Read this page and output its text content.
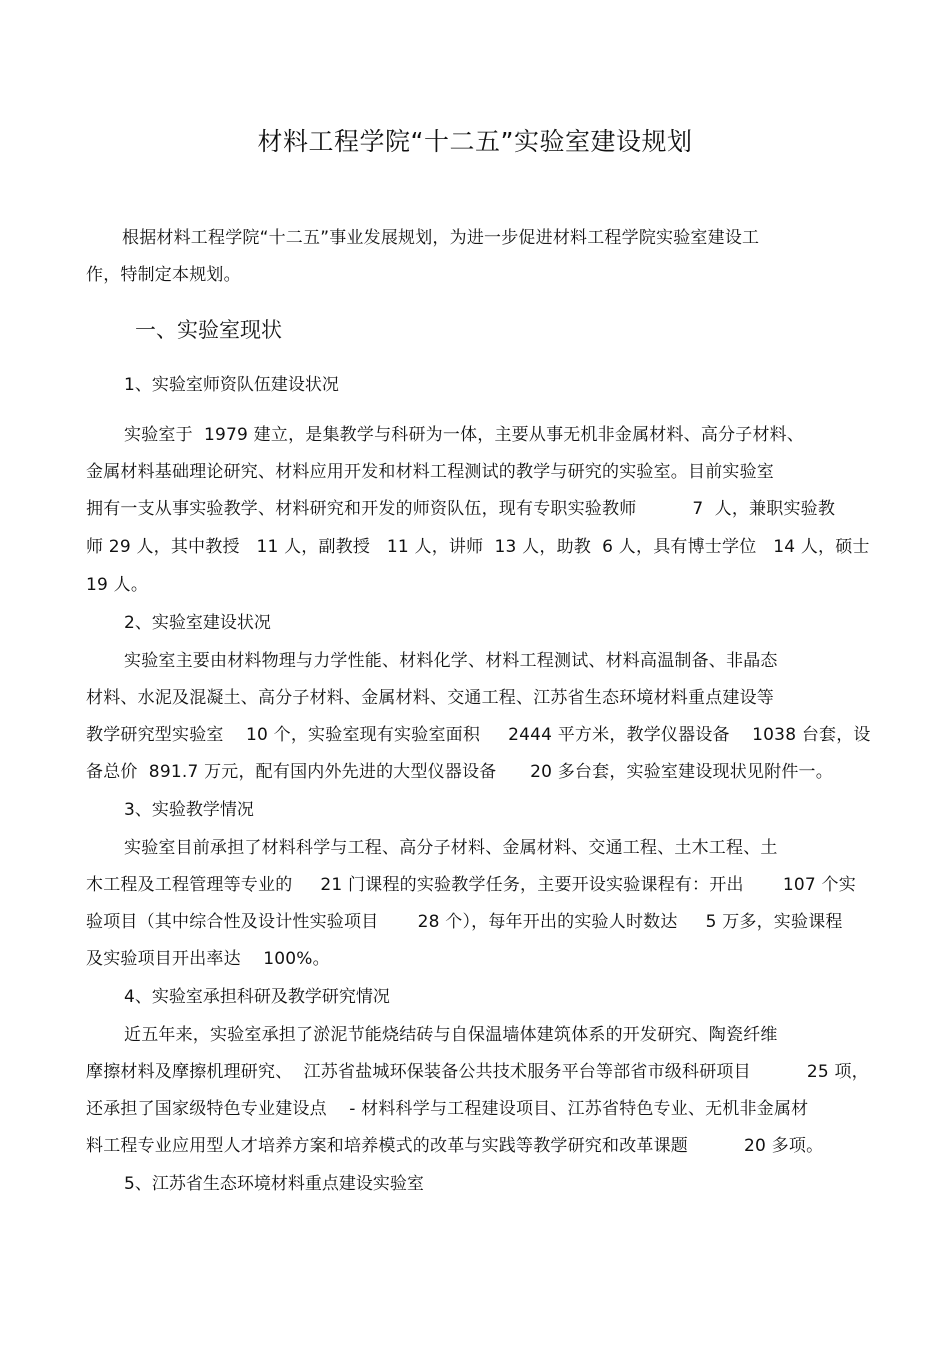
材料工程学院“十二五”实验室建设规划
根据材料工程学院“十二五”事业发展规划，为进一步促进材料工程学院实验室建设工
作，特制定本规划。
一、实验室现状
1、实验室师资队伍建设状况
实验室于  1979 建立，是集教学与科研为一体，主要从事无机非金属材料、高分子材料、
金属材料基础理论研究、材料应用开发和材料工程测试的教学与研究的实验室。目前实验室
拥有一支从事实验教学、材料研究和开发的师资队伍，现有专职实验教师          7  人，兼职实验教
师 29 人，其中教授   11 人，副教授   11 人，讲师  13 人，助教  6 人，具有博士学位   14 人，硕士
19 人。
2、实验室建设状况
实验室主要由材料物理与力学性能、材料化学、材料工程测试、材料高温制备、非晶态
材料、水泥及混凝土、高分子材料、金属材料、交通工程、江苏省生态环境材料重点建设等
教学研究型实验室    10 个，实验室现有实验室面积     2444 平方米，教学仪器设备    1038 台套，设
备总价  891.7 万元，配有国内外先进的大型仪器设备      20 多台套，实验室建设现状见附件一。
3、实验教学情况
实验室目前承担了材料科学与工程、高分子材料、金属材料、交通工程、土木工程、土
木工程及工程管理等专业的     21 门课程的实验教学任务，主要开设实验课程有：开出       107 个实
验项目（其中综合性及设计性实验项目       28 个），每年开出的实验人时数达     5 万多，实验课程
及实验项目开出率达    100%。
4、实验室承担科研及教学研究情况
近五年来，实验室承担了淤泥节能烧结砖与自保温墙体建筑体系的开发研究、陶瓷纤维
摩擦材料及摩擦机理研究、  江苏省盐城环保装备公共技术服务平台等部省市级科研项目          25 项，
还承担了国家级特色专业建设点    - 材料科学与工程建设项目、江苏省特色专业、无机非金属材
料工程专业应用型人才培养方案和培养模式的改革与实践等教学研究和改革课题          20 多项。
5、江苏省生态环境材料重点建设实验室
